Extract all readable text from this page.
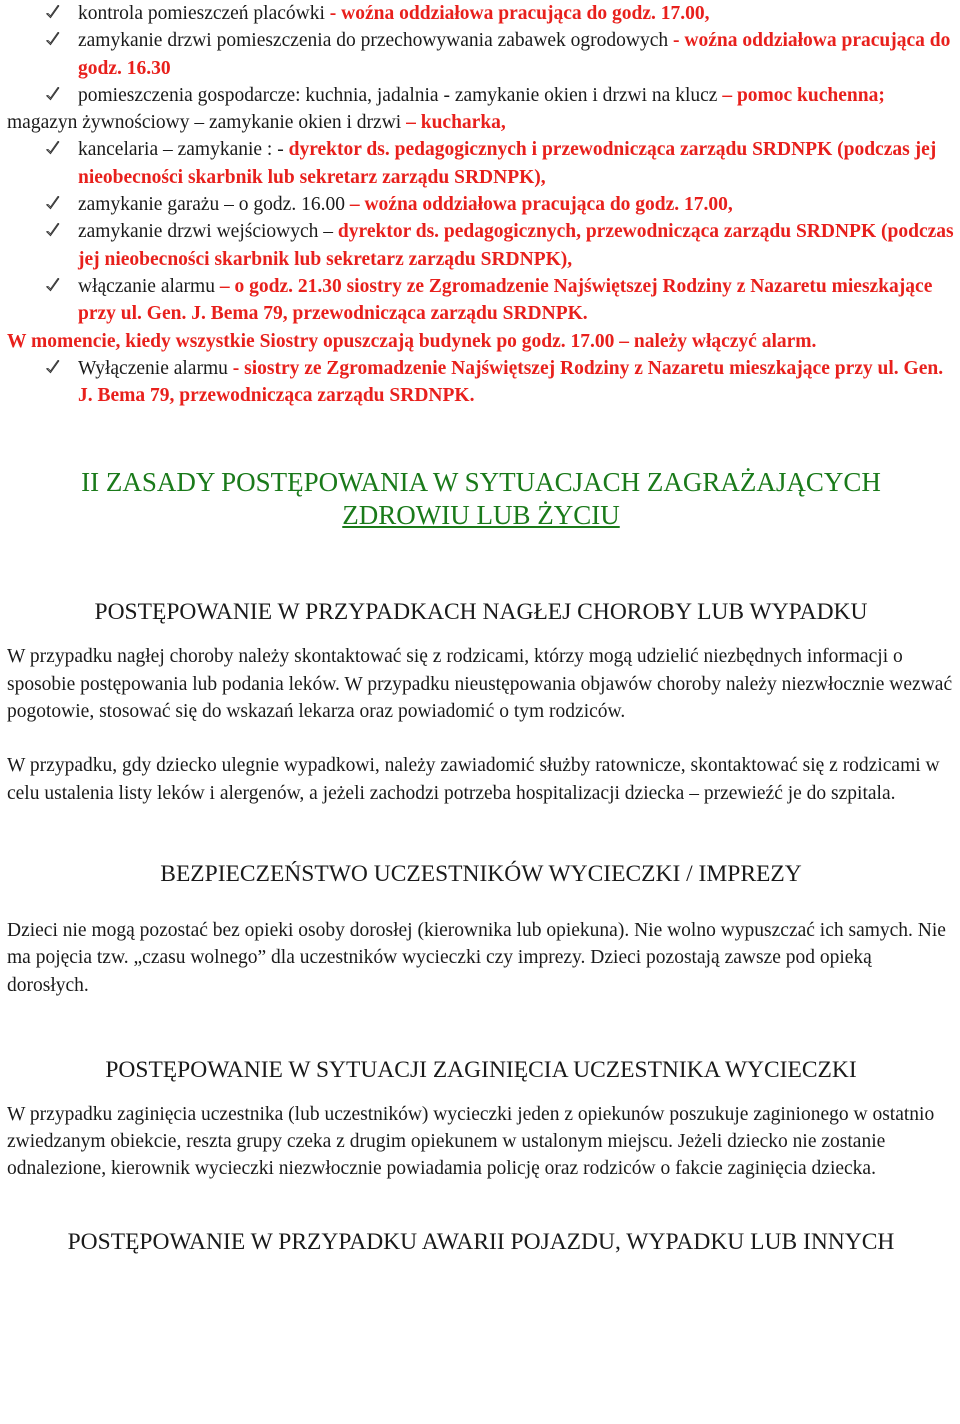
kontrola pomieszczeń placówki - woźna oddziałowa pracująca do godz. 17.00,
zamykanie drzwi pomieszczenia do przechowywania zabawek ogrodowych - woźna oddziałowa pracująca do godz. 16.30
pomieszczenia gospodarcze: kuchnia, jadalnia - zamykanie okien i drzwi na klucz – pomoc kuchenna;
magazyn żywnościowy – zamykanie okien i drzwi – kucharka,
kancelaria – zamykanie : - dyrektor ds. pedagogicznych i przewodnicząca zarządu SRDNPK (podczas jej nieobecności skarbnik lub sekretarz zarządu SRDNPK),
zamykanie garażu – o godz. 16.00 – woźna oddziałowa pracująca do godz. 17.00,
zamykanie drzwi wejściowych – dyrektor ds. pedagogicznych, przewodnicząca zarządu SRDNPK (podczas jej nieobecności skarbnik lub sekretarz zarządu SRDNPK),
włączanie alarmu – o godz. 21.30 siostry ze Zgromadzenie Najświętszej Rodziny z Nazaretu mieszkające przy ul. Gen. J. Bema 79, przewodnicząca zarządu SRDNPK.
W momencie, kiedy wszystkie Siostry opuszczają budynek po godz. 17.00 – należy włączyć alarm.
Wyłączenie alarmu - siostry ze Zgromadzenie Najświętszej Rodziny z Nazaretu mieszkające przy ul. Gen. J. Bema 79, przewodnicząca zarządu SRDNPK.
II ZASADY POSTĘPOWANIA W SYTUACJACH ZAGRAŻAJĄCYCH
ZDROWIU LUB ŻYCIU
POSTĘPOWANIE W PRZYPADKACH NAGŁEJ CHOROBY LUB WYPADKU

W przypadku nagłej choroby należy skontaktować się z rodzicami, którzy mogą udzielić niezbędnych informacji o sposobie postępowania lub podania leków. W przypadku nieustępowania objawów choroby należy niezwłocznie wezwać pogotowie, stosować się do wskazań lekarza oraz powiadomić o tym rodziców.

W przypadku, gdy dziecko ulegnie wypadkowi, należy zawiadomić służby ratownicze, skontaktować się z rodzicami w celu ustalenia listy leków i alergenów, a jeżeli zachodzi potrzeba hospitalizacji dziecka – przewieźć je do szpitala.

BEZPIECZEŃSTWO UCZESTNIKÓW WYCIECZKI / IMPREZY

Dzieci nie mogą pozostać bez opieki osoby dorosłej (kierownika lub opiekuna). Nie wolno wypuszczać ich samych. Nie ma pojęcia tzw. „czasu wolnego” dla uczestników wycieczki czy imprezy. Dzieci pozostają zawsze pod opieką dorosłych.

POSTĘPOWANIE W SYTUACJI ZAGINIĘCIA UCZESTNIKA WYCIECZKI

W przypadku zaginięcia uczestnika (lub uczestników) wycieczki jeden z opiekunów poszukuje zaginionego w ostatnio zwiedzanym obiekcie, reszta grupy czeka z drugim opiekunem w ustalonym miejscu. Jeżeli dziecko nie zostanie odnalezione, kierownik wycieczki niezwłocznie powiadamia policję oraz rodziców o fakcie zaginięcia dziecka.

POSTĘPOWANIE W PRZYPADKU AWARII POJAZDU, WYPADKU LUB INNYCH
